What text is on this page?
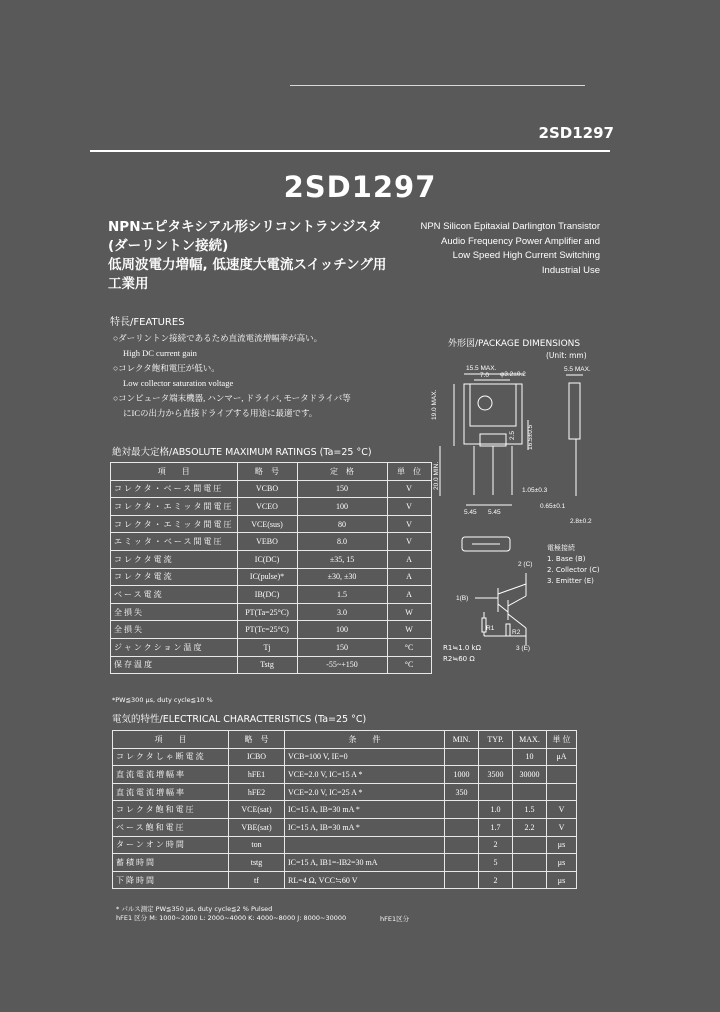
2SD1297
2SD1297
NPNエピタキシアル形シリコントランジスタ
(ダーリントン接続)
低周波電力増幅, 低速度大電流スイッチング用
工業用
NPN Silicon Epitaxial Darlington Transistor
Audio Frequency Power Amplifier and
Low Speed High Current Switching
Industrial Use
特長/FEATURES
○ダーリントン接続であるため直流電流増幅率が高い。
High DC current gain
○コレクタ飽和電圧が低い。
Low collector saturation voltage
○コンピュータ端末機器, ハンマー, ドライバ, モータドライバ等
にICの出力から直接ドライブする用途に最適です。
外形図/PACKAGE DIMENSIONS
(Unit: mm)
15.5 MAX.
7.0 φ3.2±0.2
5.5 MAX.
19.0 MAX.
2.5 16.5±0.5
20.0 MIN.
1.05±0.3
0.65±0.1
5.45 5.45
2.8±0.2
2 (C)
1(B)
R1
R2
3 (E)
電極接続
1. Base (B)
2. Collector (C)
3. Emitter (E)
R1≒1.0 kΩ
R2≒60 Ω
絶対最大定格/ABSOLUTE MAXIMUM RATINGS (Ta=25 °C)
項　　目	略　号	定　格	単　位
コレクタ・ベース間電圧	VCBO	150	V
コレクタ・エミッタ間電圧	VCEO	100	V
コレクタ・エミッタ間電圧	VCE(sus)	80	V
エミッタ・ベース間電圧	VEBO	8.0	V
コレクタ電流	IC(DC)	±35, 15	A
コレクタ電流	IC(pulse)*	±30, ±30	A
ベース電流	IB(DC)	1.5	A
全損失	PT(Ta=25°C)	3.0	W
全損失	PT(Tc=25°C)	100	W
ジャンクション温度	Tj	150	°C
保存温度	Tstg	-55~+150	°C
*PW≦300 μs, duty cycle≦10 %
電気的特性/ELECTRICAL CHARACTERISTICS (Ta=25 °C)
項　　目	略　号	条　　件	MIN.	TYP.	MAX.	単 位
コレクタしゃ断電流	ICBO	VCB=100 V, IE=0			10	μA
直流電流増幅率	hFE1	VCE=2.0 V, IC=15 A *	1000	3500	30000	
直流電流増幅率	hFE2	VCE=2.0 V, IC=25 A *	350			
コレクタ飽和電圧	VCE(sat)	IC=15 A, IB=30 mA *		1.0	1.5	V
ベース飽和電圧	VBE(sat)	IC=15 A, IB=30 mA *		1.7	2.2	V
ターンオン時間	ton			2		μs
蓄積時間	tstg	IC=15 A, IB1=-IB2=30 mA		5		μs
下降時間	tf	RL=4 Ω, VCC≒60 V		2		μs
* パルス測定 PW≦350 μs, duty cycle≦2 % Pulsed
hFE1 区分 M: 1000~2000 L: 2000~4000 K: 4000~8000 J: 8000~30000	hFE1区分
